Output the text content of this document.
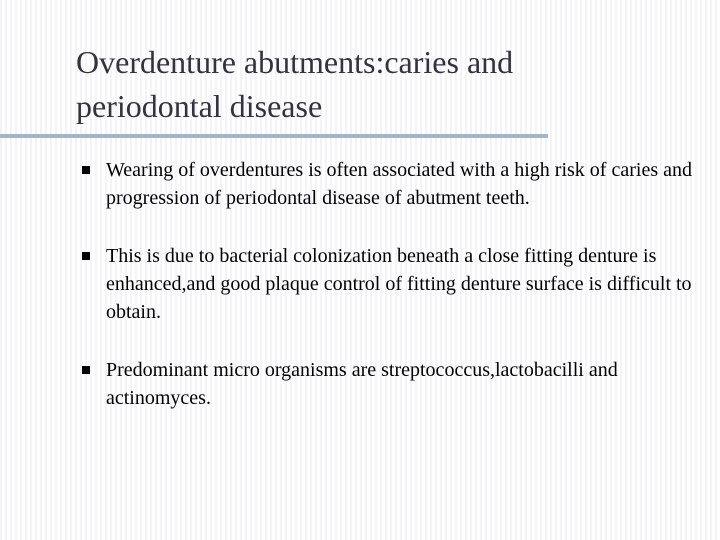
Overdenture abutments:caries and
periodontal disease
Wearing of overdentures is often associated with a high risk of caries and progression of periodontal disease of abutment teeth.
This is due to bacterial colonization beneath a close fitting denture is enhanced,and good plaque control of fitting denture surface is difficult to obtain.
Predominant micro organisms are streptococcus,lactobacilli and actinomyces.
